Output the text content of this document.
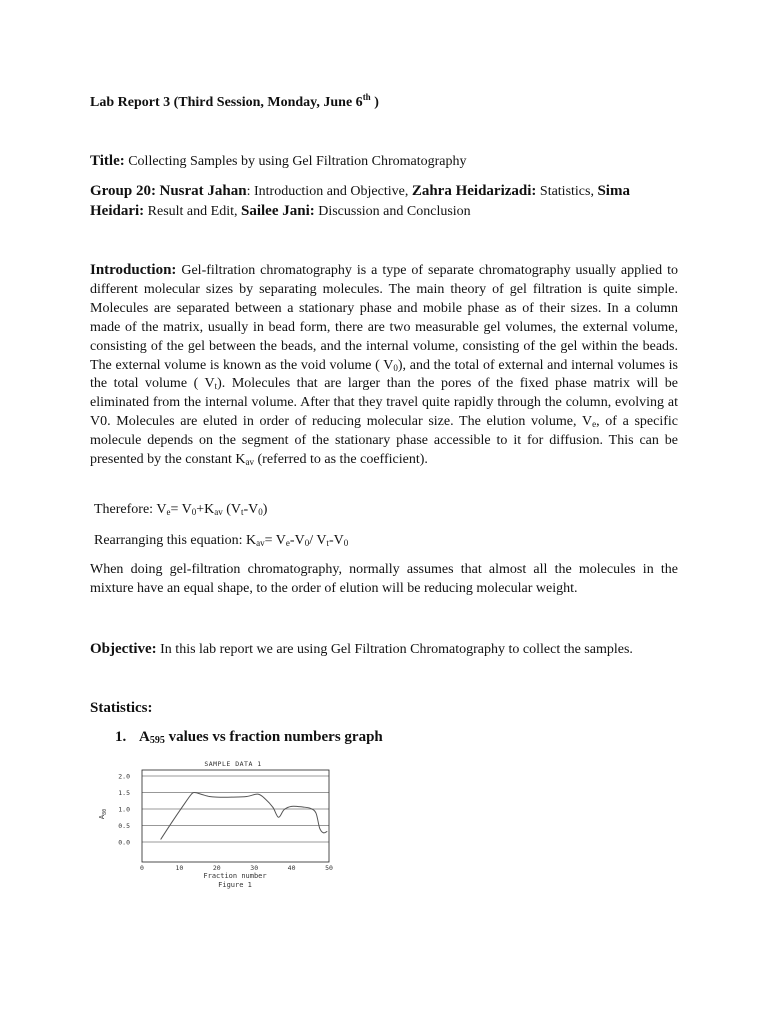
Lab Report 3 (Third Session, Monday, June 6th )

Title: Collecting Samples by using Gel Filtration Chromatography

Group 20: Nusrat Jahan: Introduction and Objective, Zahra Heidarizadi: Statistics, Sima Heidari: Result and Edit, Sailee Jani: Discussion and Conclusion

Introduction: Gel-filtration chromatography is a type of separate chromatography usually applied to different molecular sizes by separating molecules. The main theory of gel filtration is quite simple. Molecules are separated between a stationary phase and mobile phase as of their sizes. In a column made of the matrix, usually in bead form, there are two measurable gel volumes, the external volume, consisting of the gel between the beads, and the internal volume, consisting of the gel within the beads. The external volume is known as the void volume ( $V_0$), and the total of external and internal volumes is the total volume ( $V_t$). Molecules that are larger than the pores of the fixed phase matrix will be eliminated from the internal volume. After that they travel quite rapidly through the column, evolving at V0. Molecules are eluted in order of reducing molecular size. The elution volume, $V_e$, of a specific molecule depends on the segment of the stationary phase accessible to it for diffusion. This can be presented by the constant $K_{av}$ (referred to as the coefficient).

Therefore: $V_e= V_0+K_{av}$ $(V_t-V_0)$

Rearranging this equation: $K_{av}= V_e-V_0/$ $V_t-V_0$

When doing gel-filtration chromatography, normally assumes that almost all the molecules in the mixture have an equal shape, to the order of elution will be reducing molecular weight.

Objective: In this lab report we are using Gel Filtration Chromatography to collect the samples.

Statistics:
1. $A_{595}$ values vs fraction numbers graph
SAMPLE DATA 1
2.0
1.5
1.0
0.5
0.0
0	10	20	30	40	50
$A_{80}$
Fraction number
Figure 1
